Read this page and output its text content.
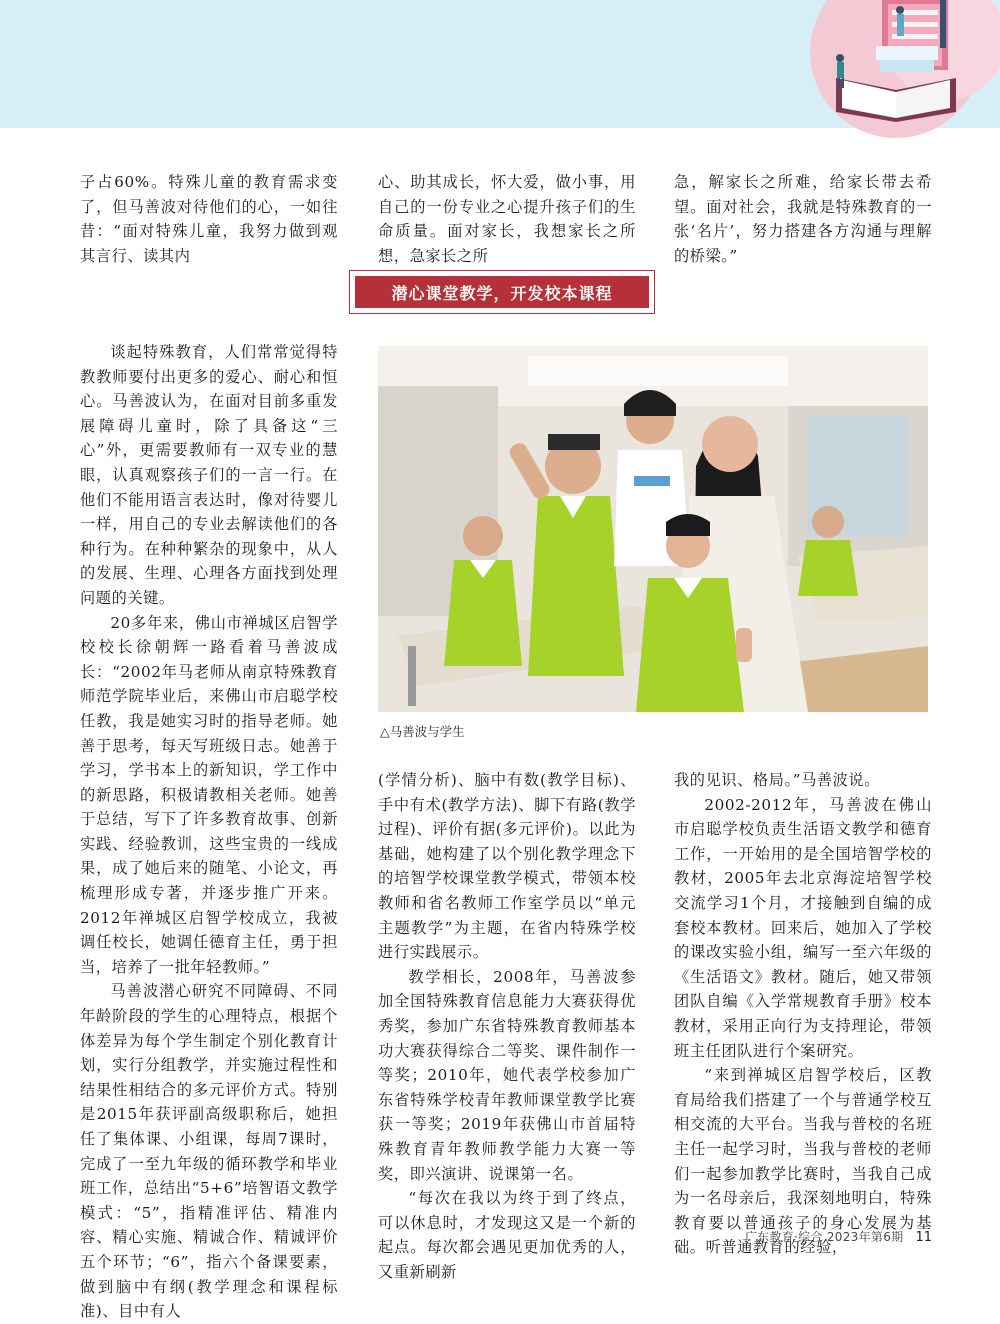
子占60%。特殊儿童的教育需求变了，但马善波对待他们的心，一如往昔：“面对特殊儿童，我努力做到观其言行、读其内

心、助其成长，怀大爱，做小事，用自己的一份专业之心提升孩子们的生命质量。面对家长，我想家长之所想，急家长之所

急，解家长之所难，给家长带去希望。面对社会，我就是特殊教育的一张‘名片’，努力搭建各方沟通与理解的桥梁。”

潜心课堂教学，开发校本课程

谈起特殊教育，人们常常觉得特教教师要付出更多的爱心、耐心和恒心。马善波认为，在面对目前多重发展障碍儿童时，除了具备这“三心”外，更需要教师有一双专业的慧眼，认真观察孩子们的一言一行。在他们不能用语言表达时，像对待婴儿一样，用自己的专业去解读他们的各种行为。在种种繁杂的现象中，从人的发展、生理、心理各方面找到处理问题的关键。

20多年来，佛山市禅城区启智学校校长徐朝辉一路看着马善波成长：“2002年马老师从南京特殊教育师范学院毕业后，来佛山市启聪学校任教，我是她实习时的指导老师。她善于思考，每天写班级日志。她善于学习，学书本上的新知识，学工作中的新思路，积极请教相关老师。她善于总结，写下了许多教育故事、创新实践、经验教训，这些宝贵的一线成果，成了她后来的随笔、小论文，再梳理形成专著，并逐步推广开来。2012年禅城区启智学校成立，我被调任校长，她调任德育主任，勇于担当，培养了一批年轻教师。”

马善波潜心研究不同障碍、不同年龄阶段的学生的心理特点，根据个体差异为每个学生制定个别化教育计划，实行分组教学，并实施过程性和结果性相结合的多元评价方式。特别是2015年获评副高级职称后，她担任了集体课、小组课，每周7课时，完成了一至九年级的循环教学和毕业班工作，总结出“5+6”培智语文教学模式：“5”，指精准评估、精准内容、精心实施、精诚合作、精诚评价五个环节；“6”，指六个备课要素，做到脑中有纲(教学理念和课程标准)、目中有人

△马善波与学生

(学情分析)、脑中有数(教学目标)、手中有术(教学方法)、脚下有路(教学过程)、评价有据(多元评价)。以此为基础，她构建了以个别化教学理念下的培智学校课堂教学模式，带领本校教师和省名教师工作室学员以“单元主题教学”为主题，在省内特殊学校进行实践展示。

教学相长，2008年，马善波参加全国特殊教育信息能力大赛获得优秀奖，参加广东省特殊教育教师基本功大赛获得综合二等奖、课件制作一等奖；2010年，她代表学校参加广东省特殊学校青年教师课堂教学比赛获一等奖；2019年获佛山市首届特殊教育青年教师教学能力大赛一等奖，即兴演讲、说课第一名。

“每次在我以为终于到了终点，可以休息时，才发现这又是一个新的起点。每次都会遇见更加优秀的人，又重新刷新

我的见识、格局。”马善波说。

2002-2012年，马善波在佛山市启聪学校负责生活语文教学和德育工作，一开始用的是全国培智学校的教材，2005年去北京海淀培智学校交流学习1个月，才接触到自编的成套校本教材。回来后，她加入了学校的课改实验小组，编写一至六年级的《生活语文》教材。随后，她又带领团队自编《入学常规教育手册》校本教材，采用正向行为支持理论，带领班主任团队进行个案研究。

“来到禅城区启智学校后，区教育局给我们搭建了一个与普通学校互相交流的大平台。当我与普校的名班主任一起学习时，当我与普校的老师们一起参加教学比赛时，当我自己成为一名母亲后，我深刻地明白，特殊教育要以普通孩子的身心发展为基础。听普通教育的经验，

广东教育·综合 2023年第6期 11
